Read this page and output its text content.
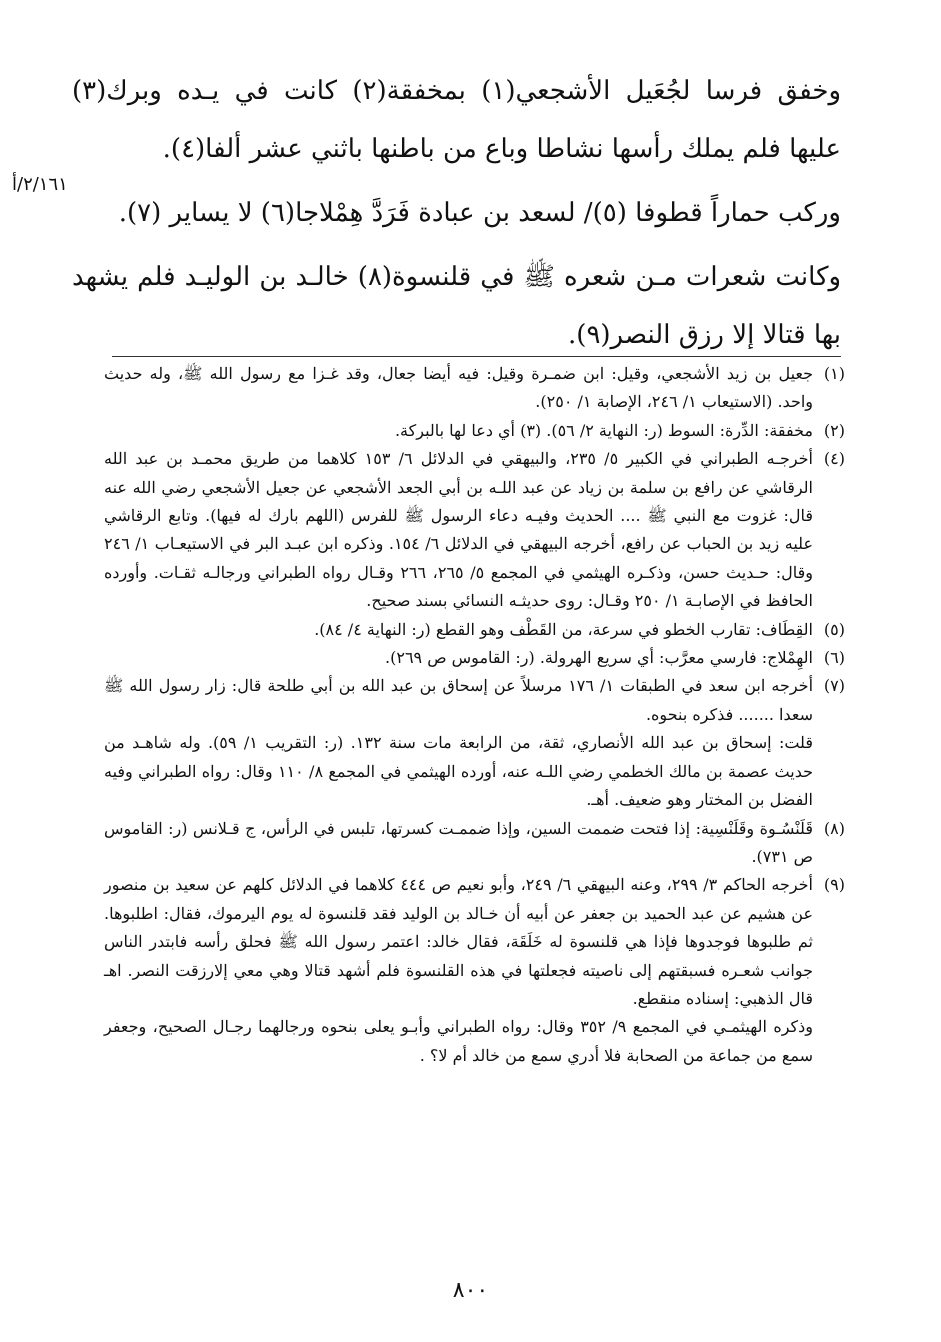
وخفق فرسا لجُعَيل الأشجعي(١) بمخفقة(٢) كانت في يـده وبرك(٣) عليها فلم يملك رأسها نشاطا وباع من باطنها باثني عشر ألفا(٤).

وركب حماراً قطوفا (٥)/ لسعد بن عبادة فَرَدَّ هِمْلاجا(٦) لا يساير (٧).

وكانت شعرات مـن شعره ﷺ في قلنسوة(٨) خالـد بن الوليـد فلم يشهد بها قتالا إلا رزق النصر(٩).

٢/١٦١/أ
(١)
جعيل بن زيد الأشجعي، وقيل: ابن ضمـرة وقيل: فيه أيضا جعال، وقد غـزا مع رسول الله ﷺ، وله حديث واحد. (الاستيعاب ١/ ٢٤٦، الإصابة ١/ ٢٥٠).
(٢)
مخفقة: الدِّرة: السوط (ر: النهاية ٢/ ٥٦). (٣) أي دعا لها بالبركة.
(٤)
أخرجـه الطبراني في الكبير ٥/ ٢٣٥، والبيهقي في الدلائل ٦/ ١٥٣ كلاهما من طريق محمـد بن عبد الله الرقاشي عن رافع بن سلمة بن زياد عن عبد اللـه بن أبي الجعد الأشجعي عن جعيل الأشجعي رضي الله عنه قال: غزوت مع النبي ﷺ .... الحديث وفيـه دعاء الرسول ﷺ للفرس (اللهم بارك له فيها). وتابع الرقاشي عليه زيد بن الحباب عن رافع، أخرجه البيهقي في الدلائل ٦/ ١٥٤. وذكره ابن عبـد البر في الاستيعـاب ١/ ٢٤٦ وقال: حـديث حسن، وذكـره الهيثمي في المجمع ٥/ ٢٦٥، ٢٦٦ وقـال رواه الطبراني ورجالـه ثقـات. وأورده الحافظ في الإصابـة ١/ ٢٥٠ وقـال: روى حديثـه النسائي بسند صحيح.
(٥)
القِطَاف: تقارب الخطو في سرعة، من القَطْف وهو القطع (ر: النهاية ٤/ ٨٤).
(٦)
الهِمْلاج: فارسي معرَّب: أي سريع الهرولة. (ر: القاموس ص ٢٦٩).
(٧)
أخرجه ابن سعد في الطبقات ١/ ١٧٦ مرسلاً عن إسحاق بن عبد الله بن أبي طلحة قال: زار رسول الله ﷺ سعدا ....... فذكره بنحوه.
قلت: إسحاق بن عبد الله الأنصاري، ثقة، من الرابعة مات سنة ١٣٢. (ر: التقريب ١/ ٥٩). وله شاهـد من حديث عصمة بن مالك الخطمي رضي اللـه عنه، أورده الهيثمي في المجمع ٨/ ١١٠ وقال: رواه الطبراني وفيه الفضل بن المختار وهو ضعيف. أهـ.
(٨)
قَلَنْسُـوة وقَلَنْسِية: إذا فتحت ضممت السين، وإذا ضممـت كسرتها، تلبس في الرأس، ج قـلانس (ر: القاموس ص ٧٣١).
(٩)
أخرجه الحاكم ٣/ ٢٩٩، وعنه البيهقي ٦/ ٢٤٩، وأبو نعيم ص ٤٤٤ كلاهما في الدلائل كلهم عن سعيد بن منصور عن هشيم عن عبد الحميد بن جعفر عن أبيه أن خـالد بن الوليد فقد قلنسوة له يوم اليرموك، فقال: اطلبوها. ثم طلبوها فوجدوها فإذا هي قلنسوة له خَلَقَة، فقال خالد: اعتمر رسول الله ﷺ فحلق رأسه فابتدر الناس جوانب شعـره فسبقتهم إلى ناصيته فجعلتها في هذه القلنسوة فلم أشهد قتالا وهي معي إلارزقت النصر. اهـ قال الذهبي: إسناده منقطع.
وذكره الهيثمـي في المجمع ٩/ ٣٥٢ وقال: رواه الطبراني وأبـو يعلى بنحوه ورجالهما رجـال الصحيح، وجعفر سمع من جماعة من الصحابة فلا أدري سمع من خالد أم لا؟ .
٨٠٠
